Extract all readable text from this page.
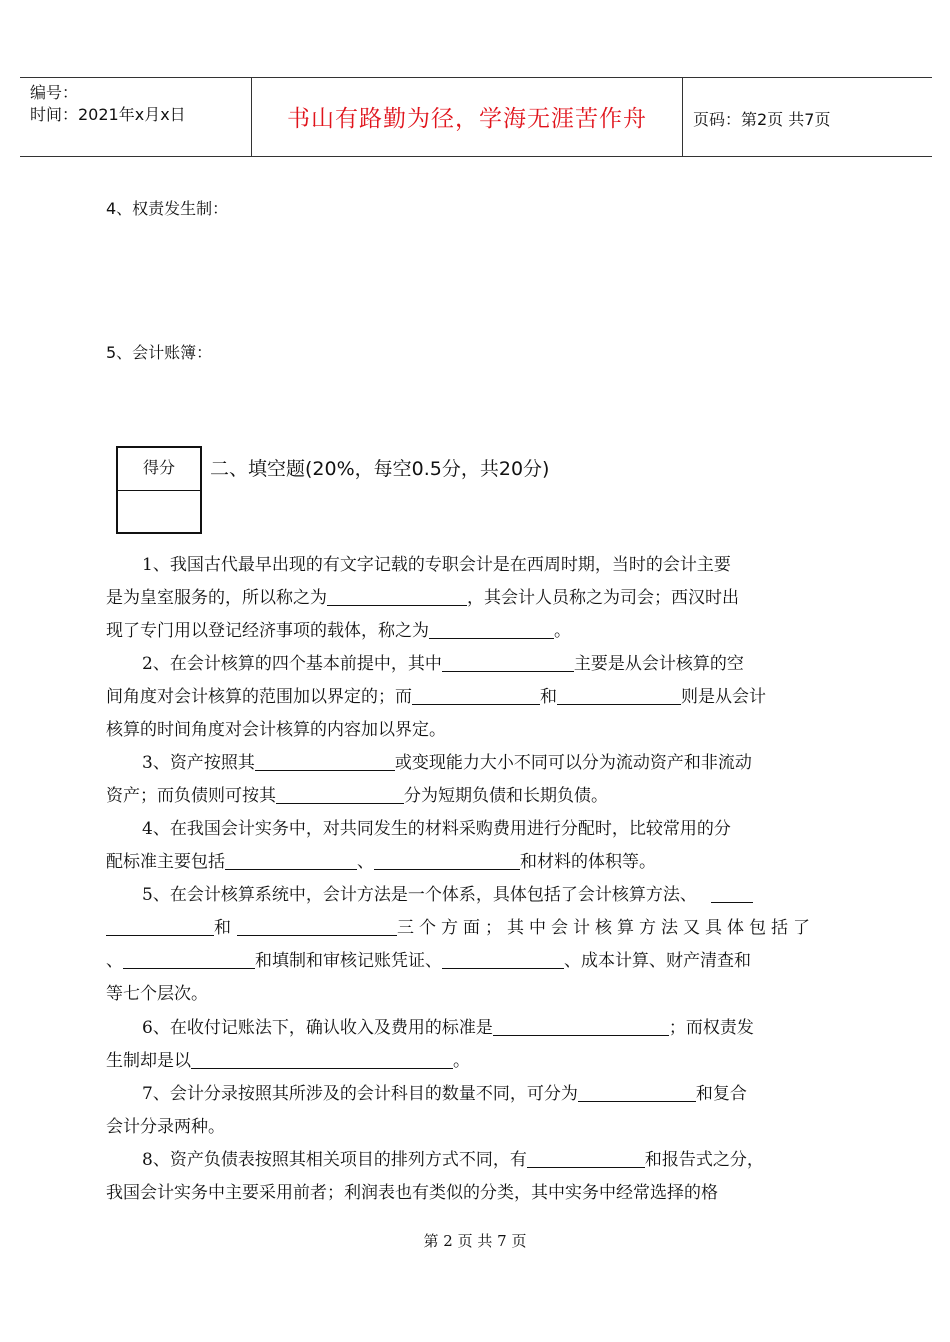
编号：
时间：2021年x月x日	书山有路勤为径，学海无涯苦作舟	页码：第2页 共7页
4、权责发生制：
5、会计账簿：
得分	二、填空题(20%，每空0.5分，共20分)
1、我国古代最早出现的有文字记载的专职会计是在西周时期，当时的会计主要
是为皇室服务的，所以称之为	，其会计人员称之为司会；西汉时出
现了专门用以登记经济事项的载体，称之为	。
2、在会计核算的四个基本前提中，其中	主要是从会计核算的空
间角度对会计核算的范围加以界定的；而	和	则是从会计
核算的时间角度对会计核算的内容加以界定。
3、资产按照其	或变现能力大小不同可以分为流动资产和非流动
资产；而负债则可按其	分为短期负债和长期负债。
4、在我国会计实务中，对共同发生的材料采购费用进行分配时，比较常用的分
配标准主要包括	、	和材料的体积等。
5、在会计核算系统中，会计方法是一个体系，具体包括了会计核算方法、
和	三个方面；其中会计核算方法又具体包括了
、	和填制和审核记账凭证、	、成本计算、财产清查和
等七个层次。
6、在收付记账法下，确认收入及费用的标准是	；而权责发
生制却是以	。
7、会计分录按照其所涉及的会计科目的数量不同，可分为	和复合
会计分录两种。
8、资产负债表按照其相关项目的排列方式不同，有	和报告式之分，
我国会计实务中主要采用前者；利润表也有类似的分类，其中实务中经常选择的格
第 2 页 共 7 页
